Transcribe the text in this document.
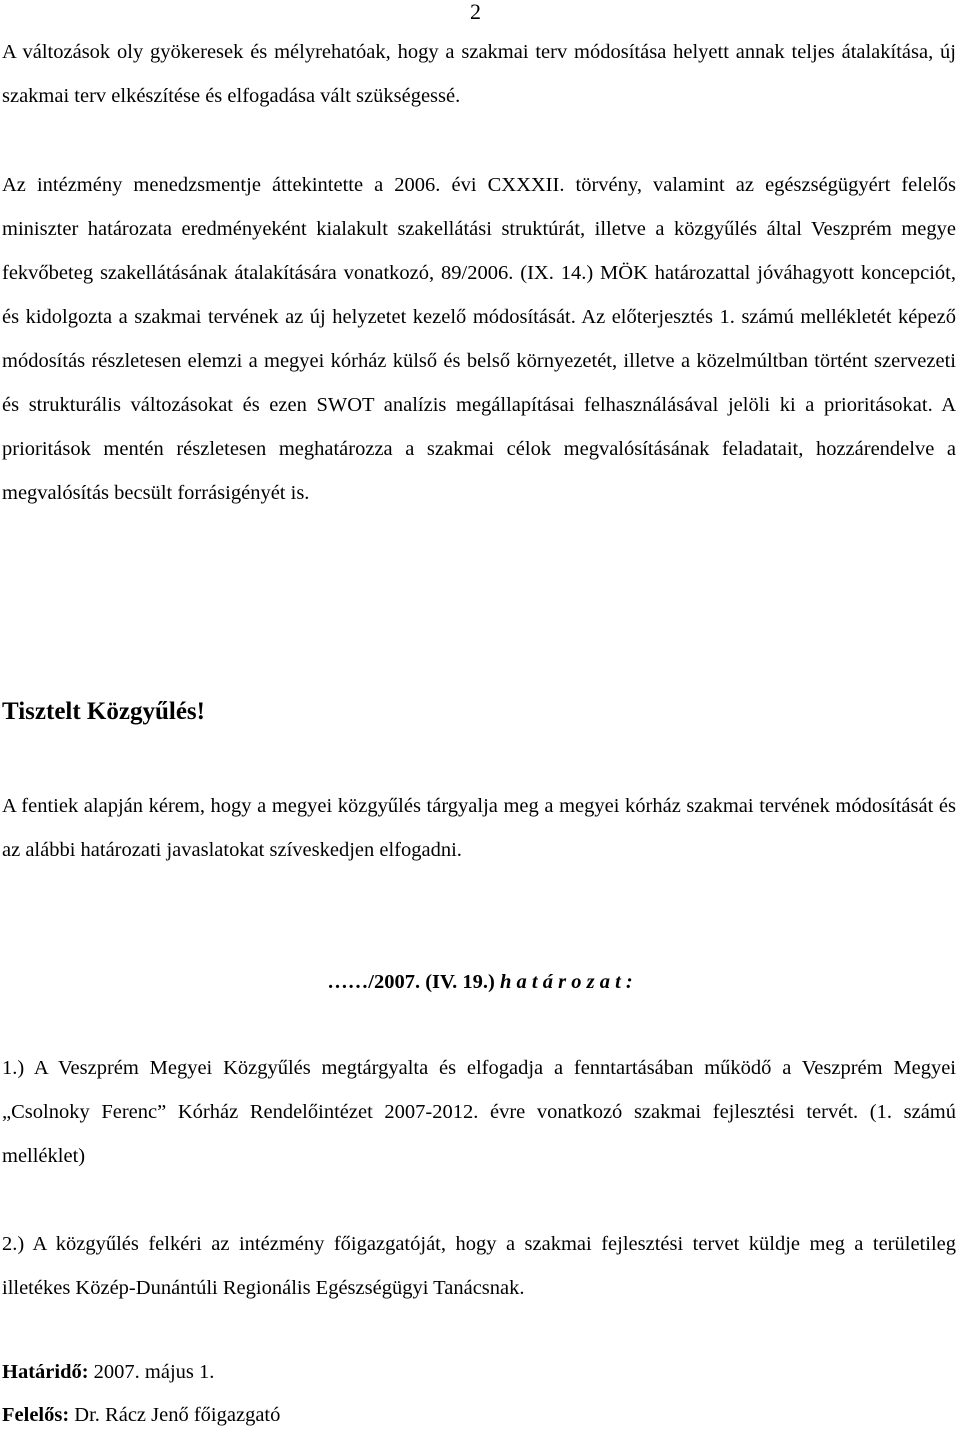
2

A változások oly gyökeresek és mélyrehatóak, hogy a szakmai terv módosítása helyett annak teljes átalakítása, új szakmai terv elkészítése és elfogadása vált szükségessé.

Az intézmény menedzsmentje áttekintette a 2006. évi CXXXII. törvény, valamint az egészségügyért felelős miniszter határozata eredményeként kialakult szakellátási struktúrát, illetve a közgyűlés által Veszprém megye fekvőbeteg szakellátásának átalakítására vonatkozó, 89/2006. (IX. 14.) MÖK határozattal jóváhagyott koncepciót, és kidolgozta a szakmai tervének az új helyzetet kezelő módosítását. Az előterjesztés 1. számú mellékletét képező módosítás részletesen elemzi a megyei kórház külső és belső környezetét, illetve a közelmúltban történt szervezeti és strukturális változásokat és ezen SWOT analízis megállapításai felhasználásával jelöli ki a prioritásokat. A prioritások mentén részletesen meghatározza a szakmai célok megvalósításának feladatait, hozzárendelve a megvalósítás becsült forrásigényét is.

Tisztelt Közgyűlés!

A fentiek alapján kérem, hogy a megyei közgyűlés tárgyalja meg a megyei kórház szakmai tervének módosítását és az alábbi határozati javaslatokat szíveskedjen elfogadni.

……/2007. (IV. 19.) h a t á r o z a t :

1.) A Veszprém Megyei Közgyűlés megtárgyalta és elfogadja a fenntartásában működő a Veszprém Megyei „Csolnoky Ferenc” Kórház Rendelőintézet 2007-2012. évre vonatkozó szakmai fejlesztési tervét. (1. számú melléklet)

2.) A közgyűlés felkéri az intézmény főigazgatóját, hogy a szakmai fejlesztési tervet küldje meg a területileg illetékes Közép-Dunántúli Regionális Egészségügyi Tanácsnak.

Határidő: 2007. május 1.
Felelős: Dr. Rácz Jenő főigazgató
